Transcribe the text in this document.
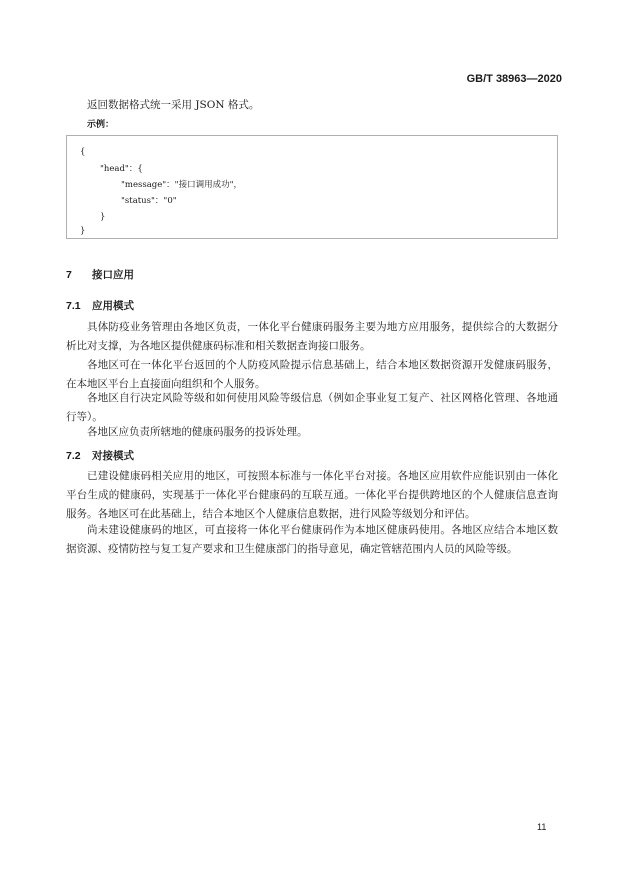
GB/T 38963—2020

返回数据格式统一采用 JSON 格式。

示例：
{
"head"：{
"message"："接口调用成功"，
"status"："0"
}
}
7 接口应用
7.1 应用模式

具体防疫业务管理由各地区负责，一体化平台健康码服务主要为地方应用服务，提供综合的大数据分析比对支撑，为各地区提供健康码标准和相关数据查询接口服务。

各地区可在一体化平台返回的个人防疫风险提示信息基础上，结合本地区数据资源开发健康码服务，在本地区平台上直接面向组织和个人服务。

各地区自行决定风险等级和如何使用风险等级信息（例如企事业复工复产、社区网格化管理、各地通行等）。

各地区应负责所辖地的健康码服务的投诉处理。

7.2 对接模式

已建设健康码相关应用的地区，可按照本标准与一体化平台对接。各地区应用软件应能识别由一体化平台生成的健康码，实现基于一体化平台健康码的互联互通。一体化平台提供跨地区的个人健康信息查询服务。各地区可在此基础上，结合本地区个人健康信息数据，进行风险等级划分和评估。

尚未建设健康码的地区，可直接将一体化平台健康码作为本地区健康码使用。各地区应结合本地区数据资源、疫情防控与复工复产要求和卫生健康部门的指导意见，确定管辖范围内人员的风险等级。

11
